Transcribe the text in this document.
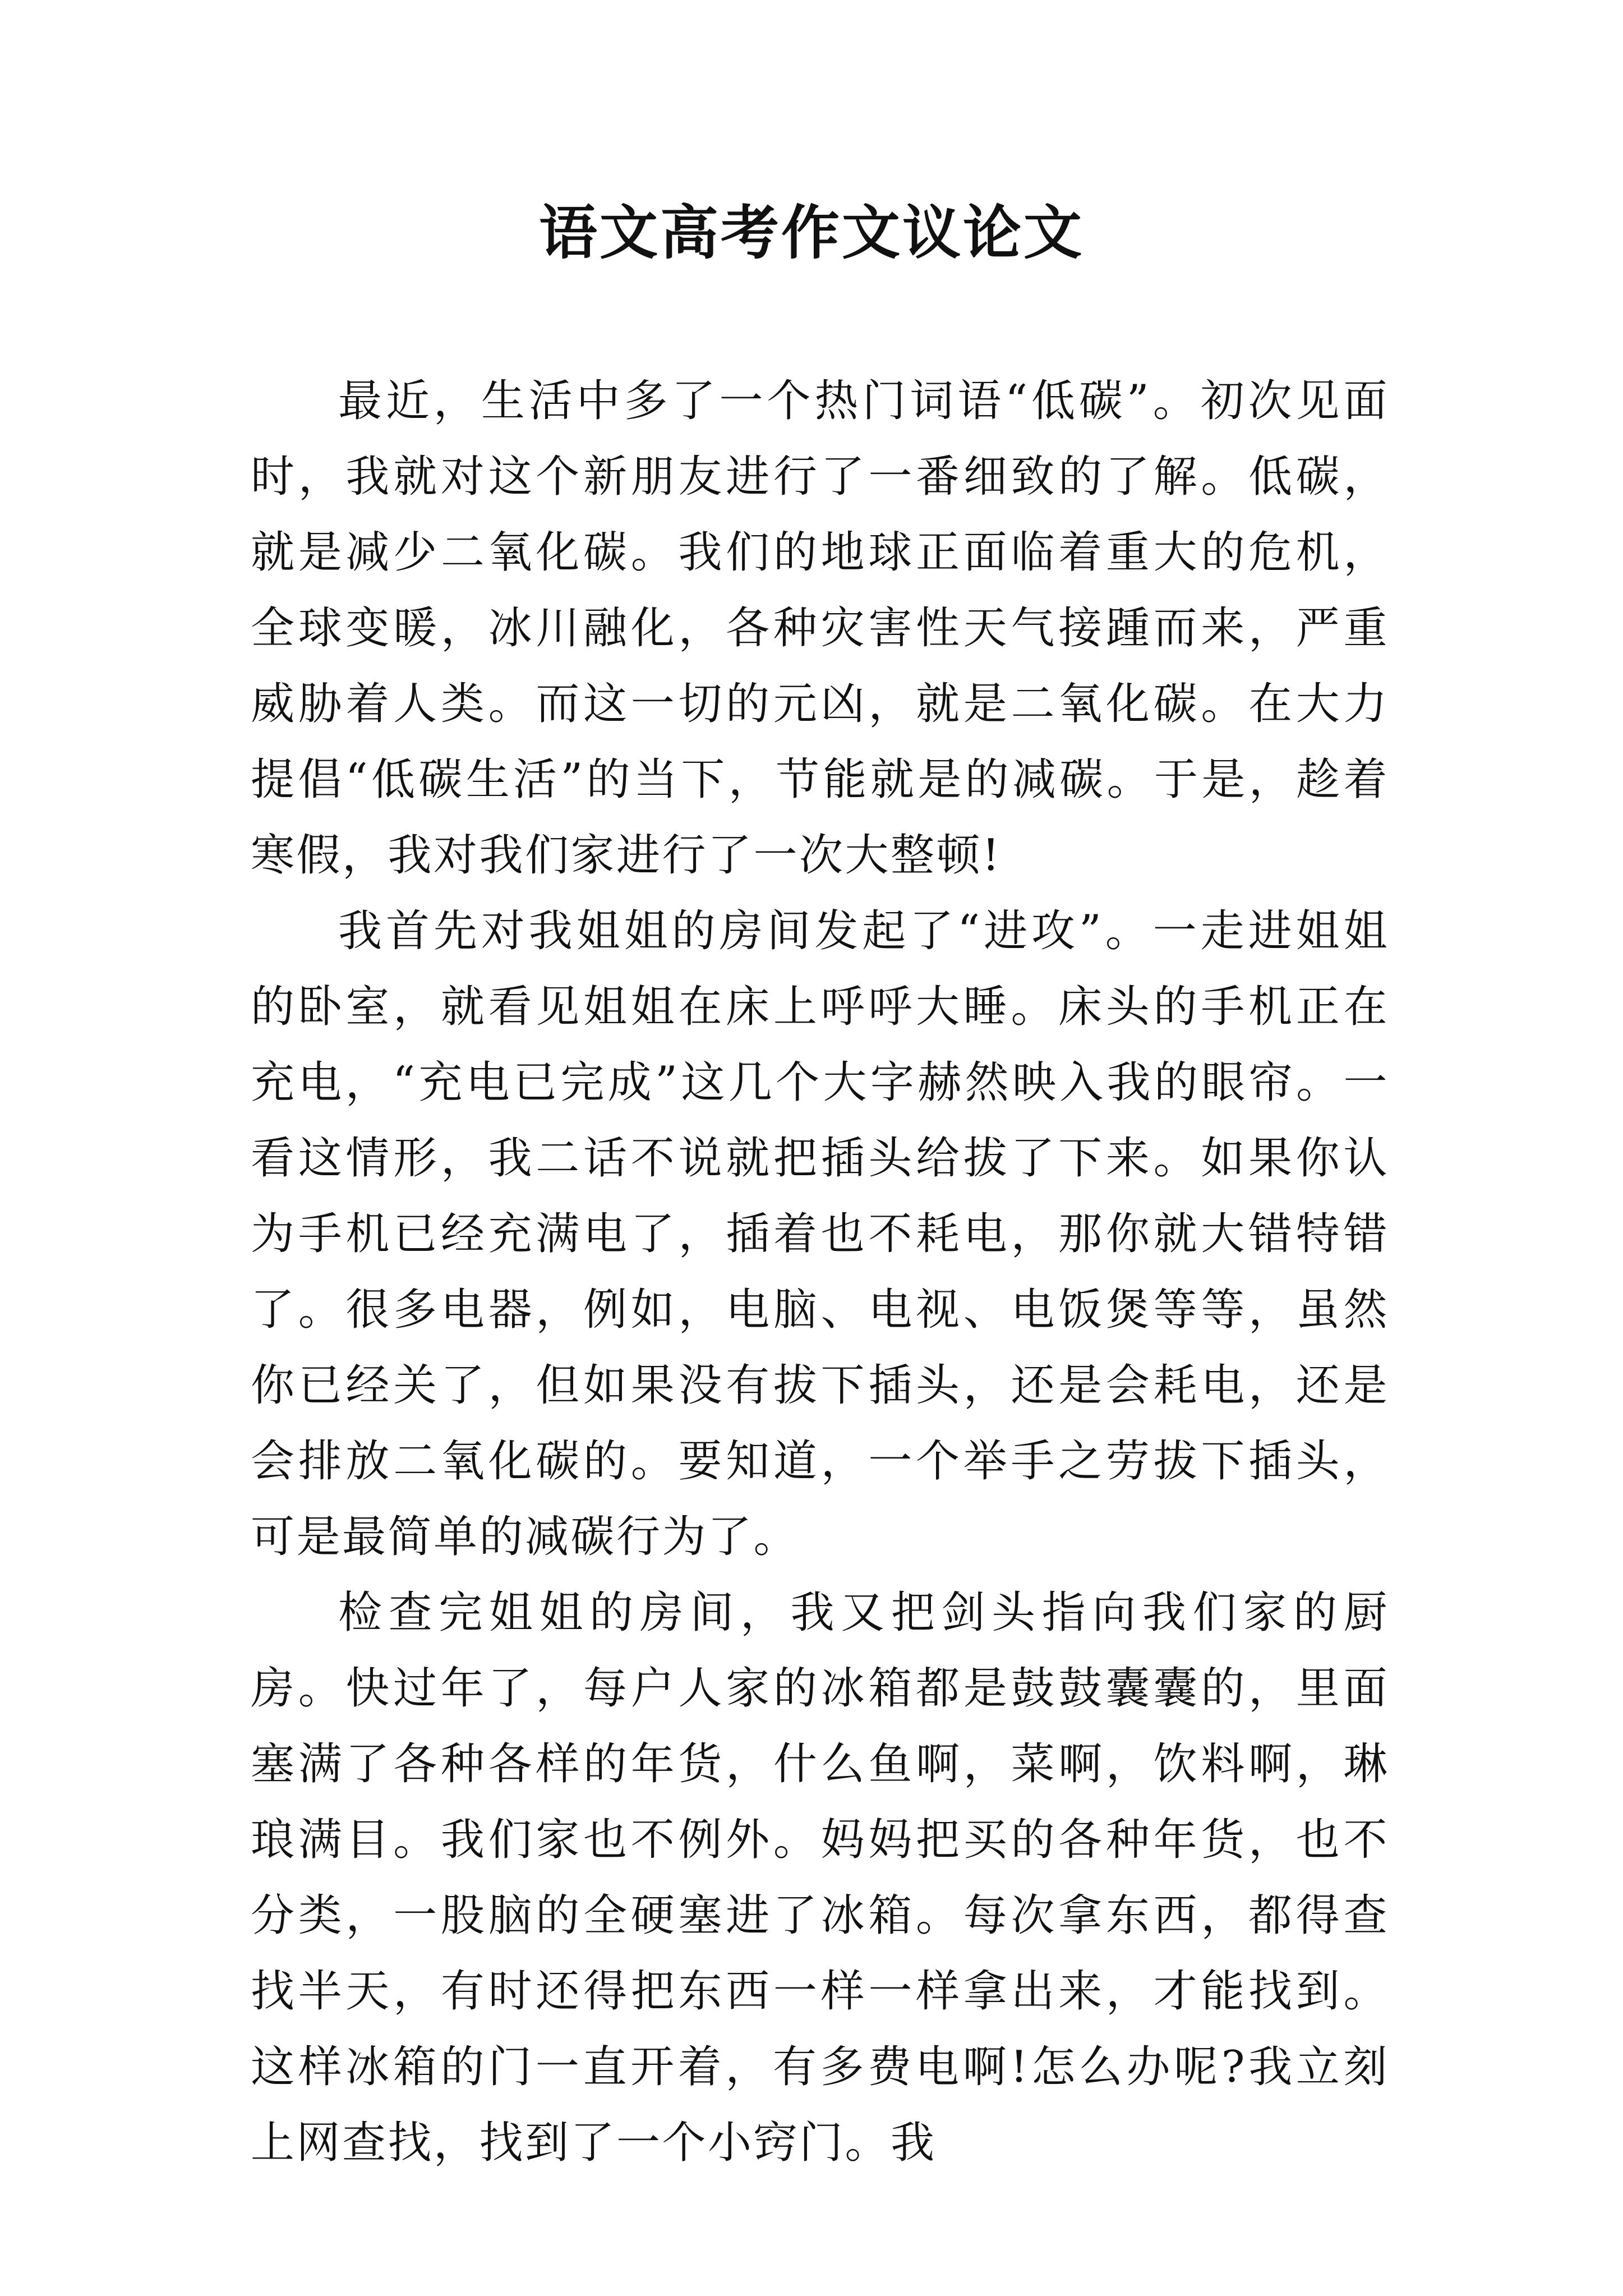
语文高考作文议论文

最近，生活中多了一个热门词语“低碳”。初次见面时，我就对这个新朋友进行了一番细致的了解。低碳，就是减少二氧化碳。我们的地球正面临着重大的危机，全球变暖，冰川融化，各种灾害性天气接踵而来，严重威胁着人类。而这一切的元凶，就是二氧化碳。在大力提倡“低碳生活”的当下，节能就是的减碳。于是，趁着寒假，我对我们家进行了一次大整顿!

我首先对我姐姐的房间发起了“进攻”。一走进姐姐的卧室，就看见姐姐在床上呼呼大睡。床头的手机正在充电，“充电已完成”这几个大字赫然映入我的眼帘。一看这情形，我二话不说就把插头给拔了下来。如果你认为手机已经充满电了，插着也不耗电，那你就大错特错了。很多电器，例如，电脑、电视、电饭煲等等，虽然你已经关了，但如果没有拔下插头，还是会耗电，还是会排放二氧化碳的。要知道，一个举手之劳拔下插头，可是最简单的减碳行为了。

检查完姐姐的房间，我又把剑头指向我们家的厨房。快过年了，每户人家的冰箱都是鼓鼓囊囊的，里面塞满了各种各样的年货，什么鱼啊，菜啊，饮料啊，琳琅满目。我们家也不例外。妈妈把买的各种年货，也不分类，一股脑的全硬塞进了冰箱。每次拿东西，都得查找半天，有时还得把东西一样一样拿出来，才能找到。这样冰箱的门一直开着，有多费电啊!怎么办呢?我立刻上网查找，找到了一个小窍门。我
